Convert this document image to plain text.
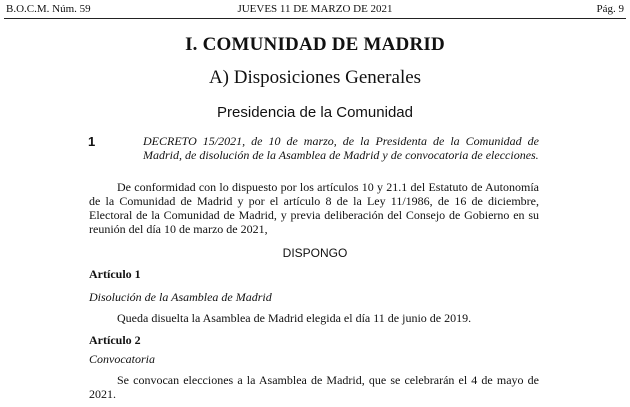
B.O.C.M. Núm. 59	JUEVES 11 DE MARZO DE 2021	Pág. 9
I. COMUNIDAD DE MADRID
A) Disposiciones Generales
Presidencia de la Comunidad
1	DECRETO 15/2021, de 10 de marzo, de la Presidenta de la Comunidad de Madrid, de disolución de la Asamblea de Madrid y de convocatoria de elecciones.
De conformidad con lo dispuesto por los artículos 10 y 21.1 del Estatuto de Autonomía de la Comunidad de Madrid y por el artículo 8 de la Ley 11/1986, de 16 de diciembre, Electoral de la Comunidad de Madrid, y previa deliberación del Consejo de Gobierno en su reunión del día 10 de marzo de 2021,
DISPONGO
Artículo 1
Disolución de la Asamblea de Madrid
Queda disuelta la Asamblea de Madrid elegida el día 11 de junio de 2019.
Artículo 2
Convocatoria
Se convocan elecciones a la Asamblea de Madrid, que se celebrarán el 4 de mayo de 2021.
